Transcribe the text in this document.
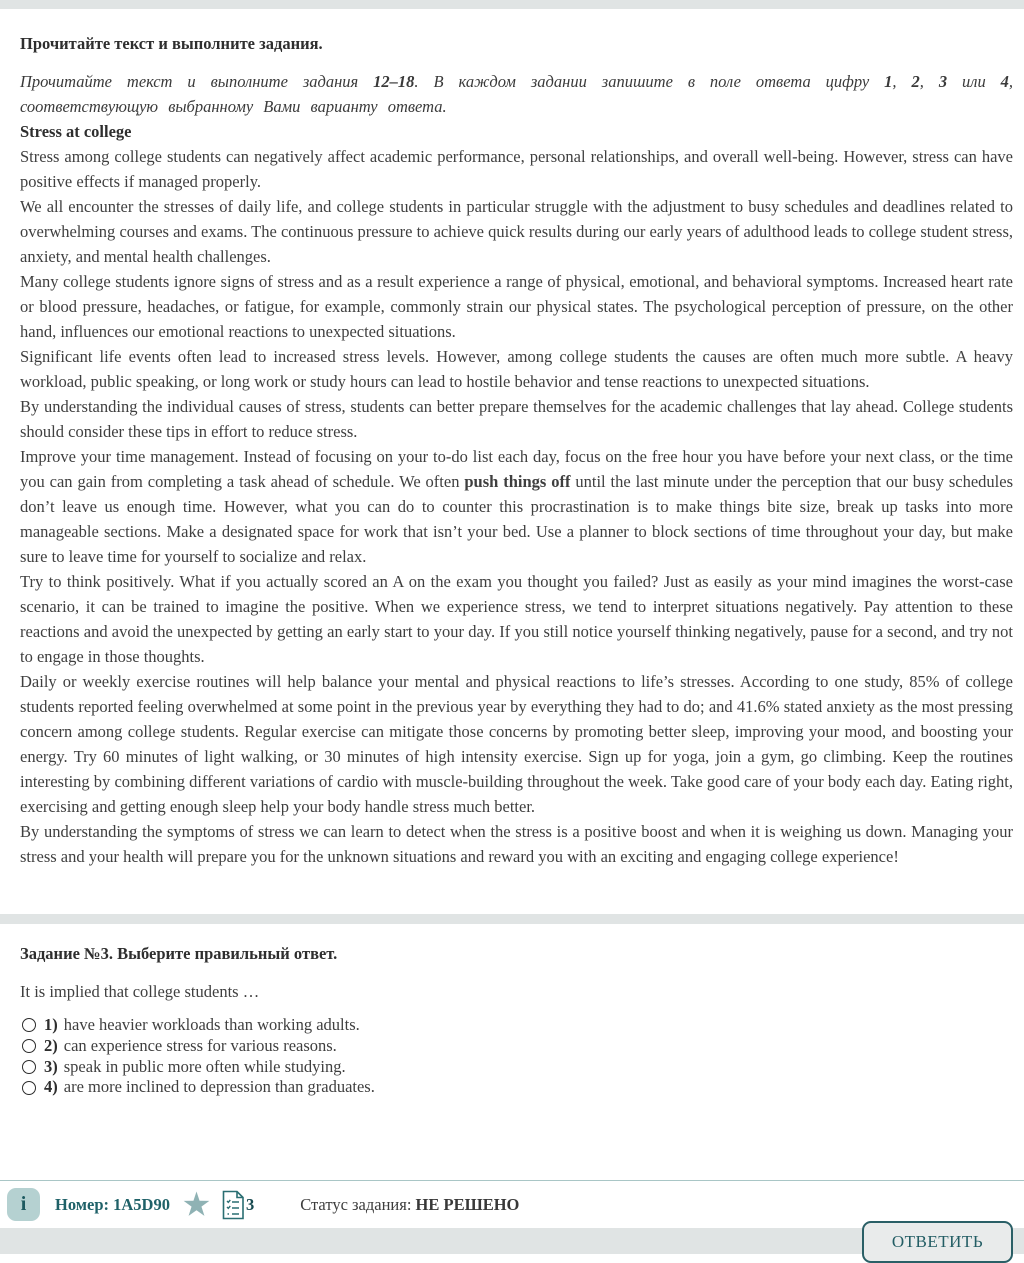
Прочитайте текст и выполните задания.

Прочитайте текст и выполните задания 12–18. В каждом задании запишите в поле ответа цифру 1, 2, 3 или 4, соответствующую выбранному Вами варианту ответа.

Stress at college

Stress among college students can negatively affect academic performance, personal relationships, and overall well-being. However, stress can have positive effects if managed properly.

We all encounter the stresses of daily life, and college students in particular struggle with the adjustment to busy schedules and deadlines related to overwhelming courses and exams. The continuous pressure to achieve quick results during our early years of adulthood leads to college student stress, anxiety, and mental health challenges.

Many college students ignore signs of stress and as a result experience a range of physical, emotional, and behavioral symptoms. Increased heart rate or blood pressure, headaches, or fatigue, for example, commonly strain our physical states. The psychological perception of pressure, on the other hand, influences our emotional reactions to unexpected situations.

Significant life events often lead to increased stress levels. However, among college students the causes are often much more subtle. A heavy workload, public speaking, or long work or study hours can lead to hostile behavior and tense reactions to unexpected situations.

By understanding the individual causes of stress, students can better prepare themselves for the academic challenges that lay ahead. College students should consider these tips in effort to reduce stress.

Improve your time management. Instead of focusing on your to-do list each day, focus on the free hour you have before your next class, or the time you can gain from completing a task ahead of schedule. We often push things off until the last minute under the perception that our busy schedules don’t leave us enough time. However, what you can do to counter this procrastination is to make things bite size, break up tasks into more manageable sections. Make a designated space for work that isn’t your bed. Use a planner to block sections of time throughout your day, but make sure to leave time for yourself to socialize and relax.

Try to think positively. What if you actually scored an A on the exam you thought you failed? Just as easily as your mind imagines the worst-case scenario, it can be trained to imagine the positive. When we experience stress, we tend to interpret situations negatively. Pay attention to these reactions and avoid the unexpected by getting an early start to your day. If you still notice yourself thinking negatively, pause for a second, and try not to engage in those thoughts.

Daily or weekly exercise routines will help balance your mental and physical reactions to life’s stresses. According to one study, 85% of college students reported feeling overwhelmed at some point in the previous year by everything they had to do; and 41.6% stated anxiety as the most pressing concern among college students. Regular exercise can mitigate those concerns by promoting better sleep, improving your mood, and boosting your energy. Try 60 minutes of light walking, or 30 minutes of high intensity exercise. Sign up for yoga, join a gym, go climbing. Keep the routines interesting by combining different variations of cardio with muscle-building throughout the week. Take good care of your body each day. Eating right, exercising and getting enough sleep help your body handle stress much better.

By understanding the symptoms of stress we can learn to detect when the stress is a positive boost and when it is weighing us down. Managing your stress and your health will prepare you for the unknown situations and reward you with an exciting and engaging college experience!

Задание №3. Выберите правильный ответ.

It is implied that college students …

1) have heavier workloads than working adults.
2) can experience stress for various reasons.
3) speak in public more often while studying.
4) are more inclined to depression than graduates.
i	Номер: 1A5D90	3	Статус задания: НЕ РЕШЕНО
ОТВЕТИТЬ
